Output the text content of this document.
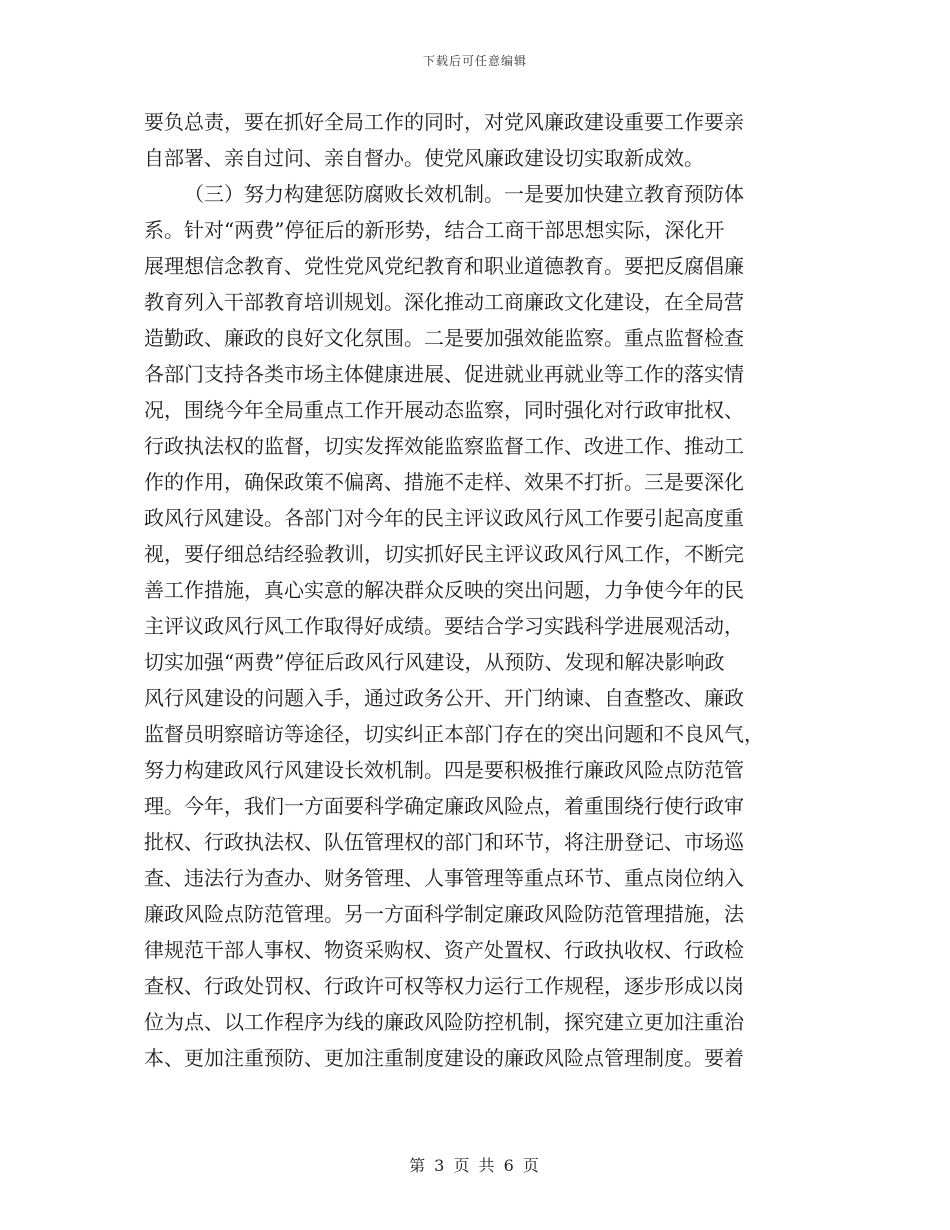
下载后可任意编辑
要负总责，要在抓好全局工作的同时，对党风廉政建设重要工作要亲
自部署、亲自过问、亲自督办。使党风廉政建设切实取新成效。
（三）努力构建惩防腐败长效机制。一是要加快建立教育预防体
系。针对“两费”停征后的新形势，结合工商干部思想实际，深化开
展理想信念教育、党性党风党纪教育和职业道德教育。要把反腐倡廉
教育列入干部教育培训规划。深化推动工商廉政文化建设，在全局营
造勤政、廉政的良好文化氛围。二是要加强效能监察。重点监督检查
各部门支持各类市场主体健康进展、促进就业再就业等工作的落实情
况，围绕今年全局重点工作开展动态监察，同时强化对行政审批权、
行政执法权的监督，切实发挥效能监察监督工作、改进工作、推动工
作的作用，确保政策不偏离、措施不走样、效果不打折。三是要深化
政风行风建设。各部门对今年的民主评议政风行风工作要引起高度重
视，要仔细总结经验教训，切实抓好民主评议政风行风工作，不断完
善工作措施，真心实意的解决群众反映的突出问题，力争使今年的民
主评议政风行风工作取得好成绩。要结合学习实践科学进展观活动，
切实加强“两费”停征后政风行风建设，从预防、发现和解决影响政
风行风建设的问题入手，通过政务公开、开门纳谏、自查整改、廉政
监督员明察暗访等途径，切实纠正本部门存在的突出问题和不良风气，
努力构建政风行风建设长效机制。四是要积极推行廉政风险点防范管
理。今年，我们一方面要科学确定廉政风险点，着重围绕行使行政审
批权、行政执法权、队伍管理权的部门和环节，将注册登记、市场巡
查、违法行为查办、财务管理、人事管理等重点环节、重点岗位纳入
廉政风险点防范管理。另一方面科学制定廉政风险防范管理措施，法
律规范干部人事权、物资采购权、资产处置权、行政执收权、行政检
查权、行政处罚权、行政许可权等权力运行工作规程，逐步形成以岗
位为点、以工作程序为线的廉政风险防控机制，探究建立更加注重治
本、更加注重预防、更加注重制度建设的廉政风险点管理制度。要着
第 3 页 共 6 页
